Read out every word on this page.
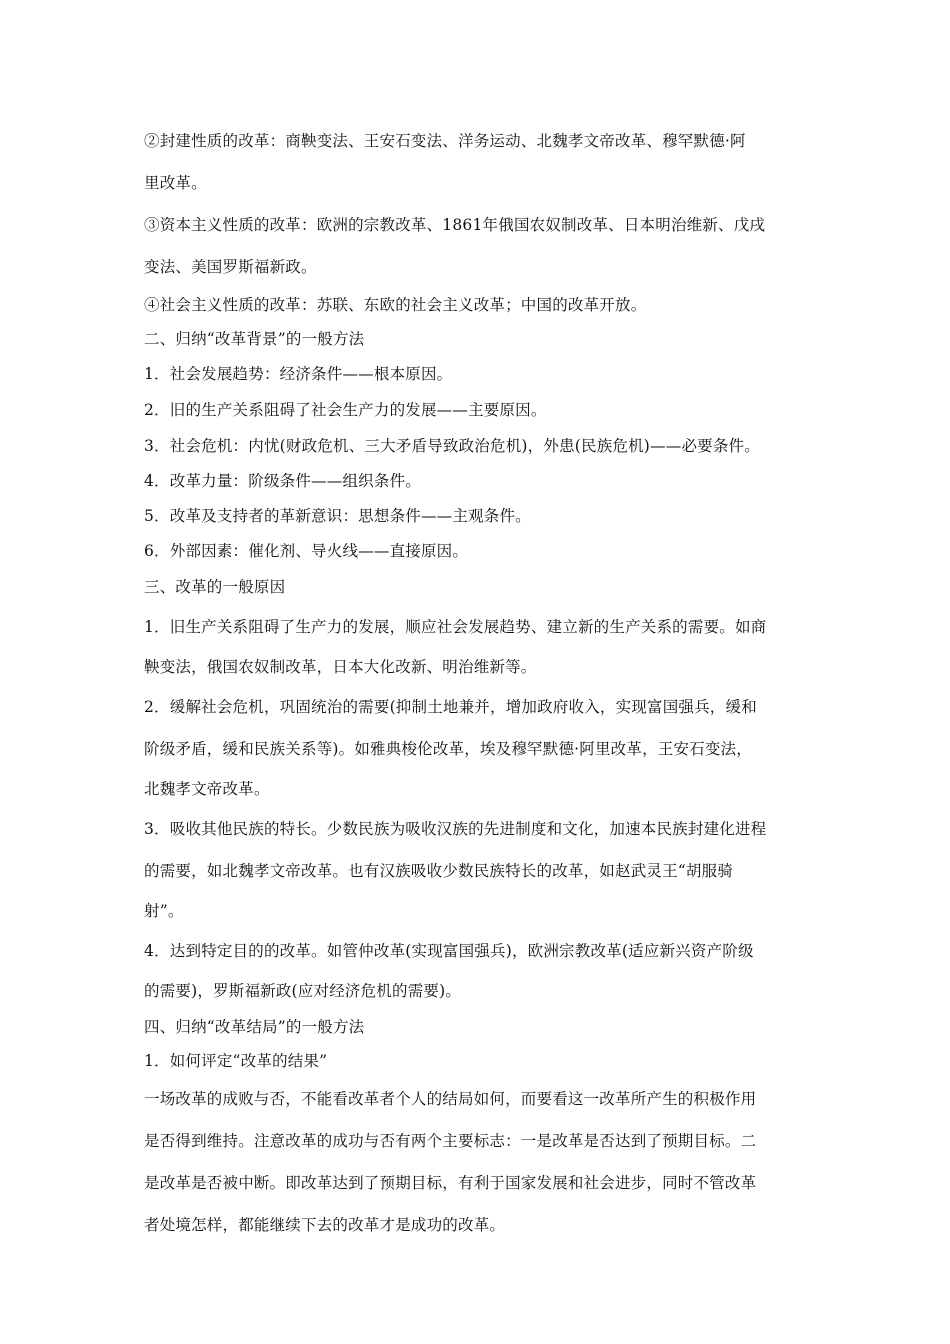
②封建性质的改革：商鞅变法、王安石变法、洋务运动、北魏孝文帝改革、穆罕默德·阿
里改革。
③资本主义性质的改革：欧洲的宗教改革、1861年俄国农奴制改革、日本明治维新、戊戌
变法、美国罗斯福新政。
④社会主义性质的改革：苏联、东欧的社会主义改革；中国的改革开放。
二、归纳“改革背景”的一般方法
1．社会发展趋势：经济条件——根本原因。
2．旧的生产关系阻碍了社会生产力的发展——主要原因。
3．社会危机：内忧(财政危机、三大矛盾导致政治危机)，外患(民族危机)——必要条件。
4．改革力量：阶级条件——组织条件。
5．改革及支持者的革新意识：思想条件——主观条件。
6．外部因素：催化剂、导火线——直接原因。
三、改革的一般原因
1．旧生产关系阻碍了生产力的发展，顺应社会发展趋势、建立新的生产关系的需要。如商
鞅变法，俄国农奴制改革，日本大化改新、明治维新等。
2．缓解社会危机，巩固统治的需要(抑制土地兼并，增加政府收入，实现富国强兵，缓和
阶级矛盾，缓和民族关系等)。如雅典梭伦改革，埃及穆罕默德·阿里改革，王安石变法，
北魏孝文帝改革。
3．吸收其他民族的特长。少数民族为吸收汉族的先进制度和文化，加速本民族封建化进程
的需要，如北魏孝文帝改革。也有汉族吸收少数民族特长的改革，如赵武灵王“胡服骑
射”。
4．达到特定目的的改革。如管仲改革(实现富国强兵)，欧洲宗教改革(适应新兴资产阶级
的需要)，罗斯福新政(应对经济危机的需要)。
四、归纳“改革结局”的一般方法
1．如何评定“改革的结果”
一场改革的成败与否，不能看改革者个人的结局如何，而要看这一改革所产生的积极作用
是否得到维持。注意改革的成功与否有两个主要标志：一是改革是否达到了预期目标。二
是改革是否被中断。即改革达到了预期目标，有利于国家发展和社会进步，同时不管改革
者处境怎样，都能继续下去的改革才是成功的改革。
